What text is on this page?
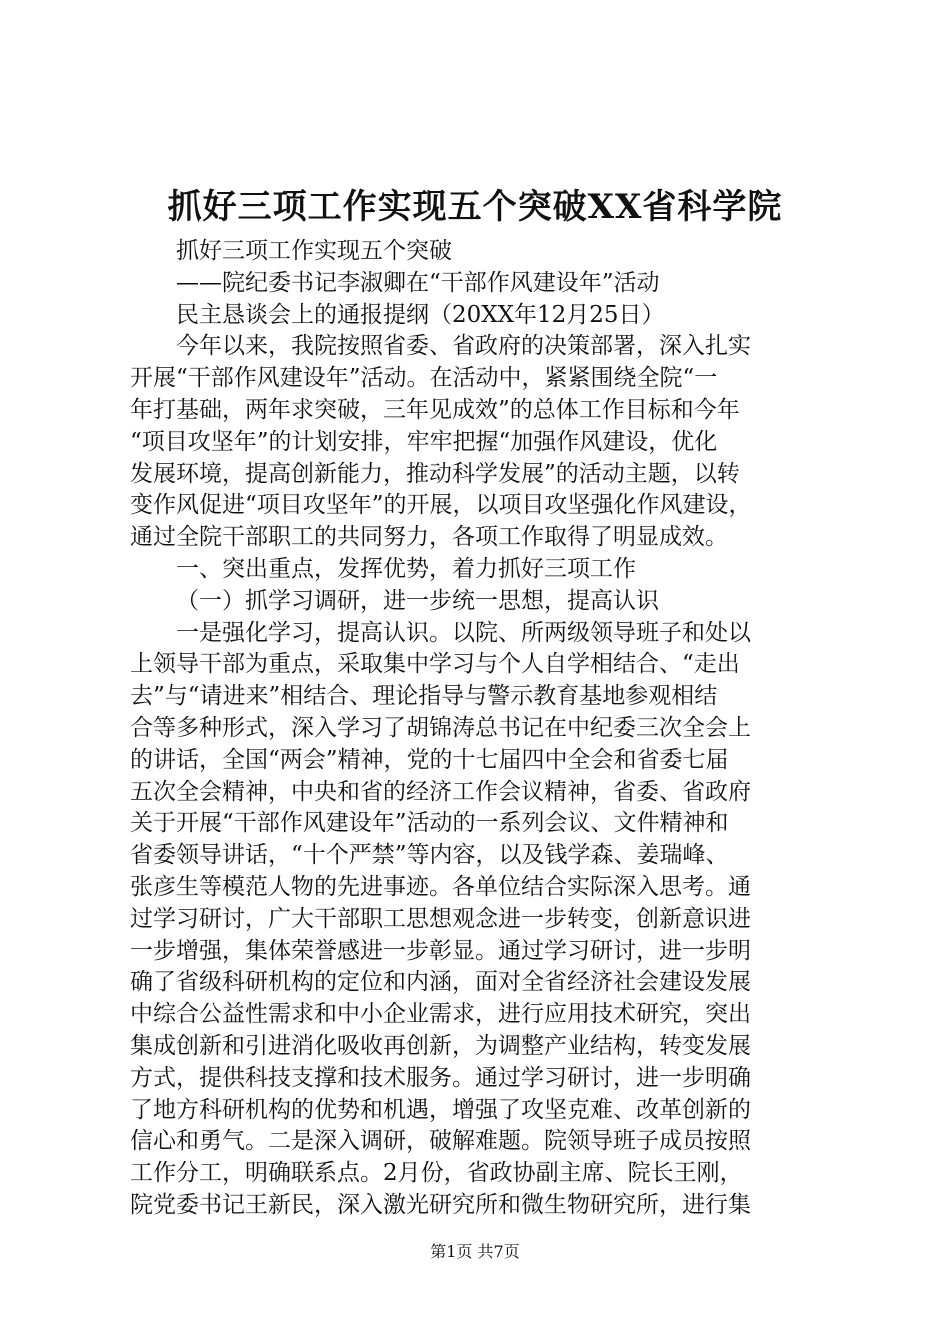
抓好三项工作实现五个突破XX省科学院
抓好三项工作实现五个突破
——院纪委书记李淑卿在“干部作风建设年”活动
民主恳谈会上的通报提纲（20XX年12月25日）
今年以来，我院按照省委、省政府的决策部署，深入扎实
开展“干部作风建设年”活动。在活动中，紧紧围绕全院“一
年打基础，两年求突破，三年见成效”的总体工作目标和今年
“项目攻坚年”的计划安排，牢牢把握“加强作风建设，优化
发展环境，提高创新能力，推动科学发展”的活动主题，以转
变作风促进“项目攻坚年”的开展，以项目攻坚强化作风建设，
通过全院干部职工的共同努力，各项工作取得了明显成效。
一、突出重点，发挥优势，着力抓好三项工作
（一）抓学习调研，进一步统一思想，提高认识
一是强化学习，提高认识。以院、所两级领导班子和处以
上领导干部为重点，采取集中学习与个人自学相结合、“走出
去”与“请进来”相结合、理论指导与警示教育基地参观相结
合等多种形式，深入学习了胡锦涛总书记在中纪委三次全会上
的讲话，全国“两会”精神，党的十七届四中全会和省委七届
五次全会精神，中央和省的经济工作会议精神，省委、省政府
关于开展“干部作风建设年”活动的一系列会议、文件精神和
省委领导讲话，“十个严禁”等内容，以及钱学森、姜瑞峰、
张彦生等模范人物的先进事迹。各单位结合实际深入思考。通
过学习研讨，广大干部职工思想观念进一步转变，创新意识进
一步增强，集体荣誉感进一步彰显。通过学习研讨，进一步明
确了省级科研机构的定位和内涵，面对全省经济社会建设发展
中综合公益性需求和中小企业需求，进行应用技术研究，突出
集成创新和引进消化吸收再创新，为调整产业结构，转变发展
方式，提供科技支撑和技术服务。通过学习研讨，进一步明确
了地方科研机构的优势和机遇，增强了攻坚克难、改革创新的
信心和勇气。二是深入调研，破解难题。院领导班子成员按照
工作分工，明确联系点。2月份，省政协副主席、院长王刚，
院党委书记王新民，深入激光研究所和微生物研究所，进行集
第1页 共7页
